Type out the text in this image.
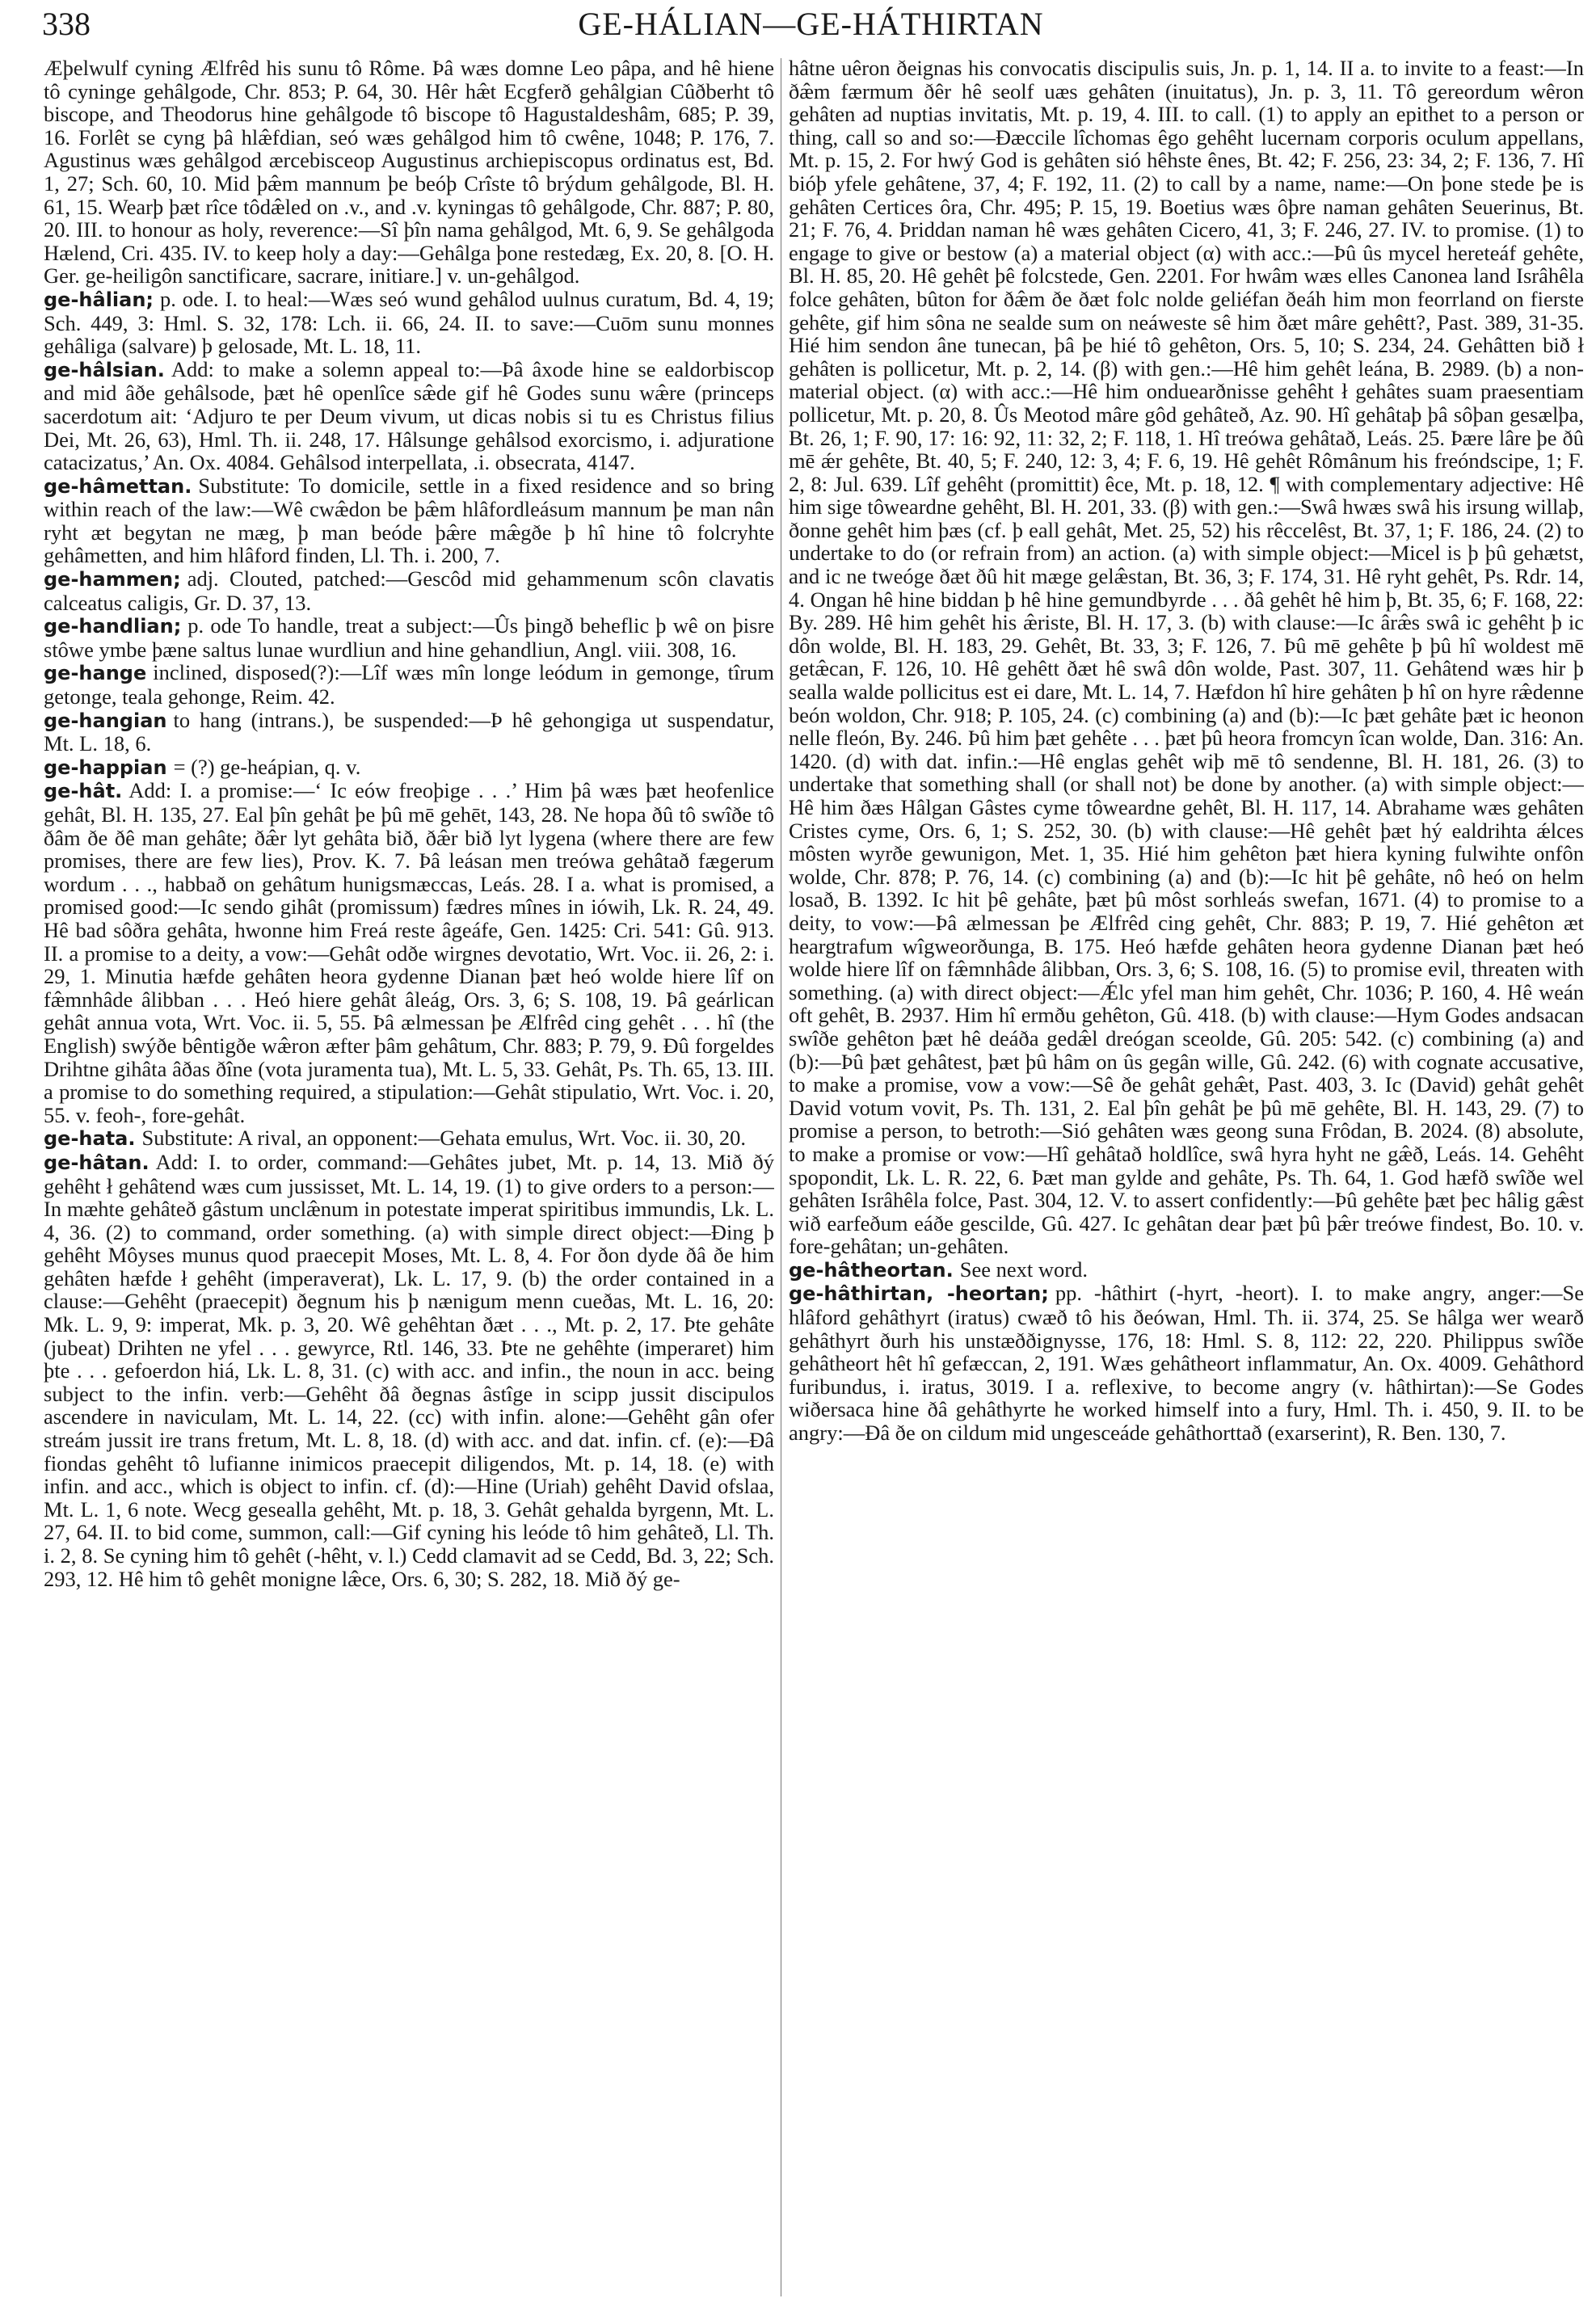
338	GE-HÁLIAN—GE-HÁTHIRTAN

Æþelwulf cyning Ælfrêd his sunu tô Rôme. Þâ wæs domne Leo pâpa, and hê hiene tô cyninge gehâlgode, Chr. 853; P. 64, 30. Hêr hæ̂t Ecgferð gehâlgian Cûðberht tô biscope, and Theodorus hine gehâlgode tô biscope tô Hagustaldeshâm, 685; P. 39, 16. Forlêt se cyng þâ hlæ̂fdian, seó wæs gehâlgod him tô cwêne, 1048; P. 176, 7. Agustinus wæs gehâlgod ærcebisceop Augustinus archiepiscopus ordinatus est, Bd. 1, 27; Sch. 60, 10. Mid þæ̂m mannum þe beóþ Crîste tô brýdum gehâlgode, Bl. H. 61, 15. Wearþ þæt rîce tôdæ̂led on .v., and .v. kyningas tô gehâlgode, Chr. 887; P. 80, 20. III. to honour as holy, reverence:—Sî þîn nama gehâlgod, Mt. 6, 9. Se gehâlgoda Hælend, Cri. 435. IV. to keep holy a day:—Gehâlga þone restedæg, Ex. 20, 8. [O. H. Ger. ge-heiligôn sanctificare, sacrare, initiare.] v. un-gehâlgod.

ge-hâlian; p. ode. I. to heal:—Wæs seó wund gehâlod uulnus curatum, Bd. 4, 19; Sch. 449, 3: Hml. S. 32, 178: Lch. ii. 66, 24. II. to save:—Cuōm sunu monnes gehâliga (salvare) þ gelosade, Mt. L. 18, 11.

ge-hâlsian. Add: to make a solemn appeal to:—Þâ âxode hine se ealdorbiscop and mid âðe gehâlsode, þæt hê openlîce sæ̂de gif hê Godes sunu wæ̂re (princeps sacerdotum ait: ‘Adjuro te per Deum vivum, ut dicas nobis si tu es Christus filius Dei, Mt. 26, 63), Hml. Th. ii. 248, 17. Hâlsunge gehâlsod exorcismo, i. adjuratione catacizatus,’ An. Ox. 4084. Gehâlsod interpellata, .i. obsecrata, 4147.

ge-hâmettan. Substitute: To domicile, settle in a fixed residence and so bring within reach of the law:—Wê cwæ̂don be þæ̂m hlâfordleásum mannum þe man nân ryht æt begytan ne mæg, þ man beóde þæ̂re mæ̂gðe þ hî hine tô folcryhte gehâmetten, and him hlâford finden, Ll. Th. i. 200, 7.

ge-hammen; adj. Clouted, patched:—Gescôd mid gehammenum scôn clavatis calceatus caligis, Gr. D. 37, 13.

ge-handlian; p. ode To handle, treat a subject:—Ûs þingð beheflic þ wê on þisre stôwe ymbe þæne saltus lunae wurdliun and hine gehandliun, Angl. viii. 308, 16.

ge-hange inclined, disposed(?):—Lîf wæs mîn longe leódum in gemonge, tîrum getonge, teala gehonge, Reim. 42.

ge-hangian to hang (intrans.), be suspended:—Þ hê gehongiga ut suspendatur, Mt. L. 18, 6.

ge-happian = (?) ge-heápian, q. v.

ge-hât. Add: I. a promise:—‘ Ic eów freoþige . . .’ Him þâ wæs þæt heofenlice gehât, Bl. H. 135, 27. Eal þîn gehât þe þû mē gehēt, 143, 28. Ne hopa ðû tô swîðe tô ðâm ðe ðê man gehâte; ðæ̂r lyt gehâta bið, ðæ̂r bið lyt lygena (where there are few promises, there are few lies), Prov. K. 7. Þâ leásan men treówa gehâtað fægerum wordum . . ., habbað on gehâtum hunigsmæccas, Leás. 28. I a. what is promised, a promised good:—Ic sendo gihât (promissum) fædres mînes in iówih, Lk. R. 24, 49. Hê bad sôðra gehâta, hwonne him Freá reste âgeáfe, Gen. 1425: Cri. 541: Gû. 913. II. a promise to a deity, a vow:—Gehât odðe wirgnes devotatio, Wrt. Voc. ii. 26, 2: i. 29, 1. Minutia hæfde gehâten heora gydenne Dianan þæt heó wolde hiere lîf on fæ̂mnhâde âlibban . . . Heó hiere gehât âleág, Ors. 3, 6; S. 108, 19. Þâ geárlican gehât annua vota, Wrt. Voc. ii. 5, 55. Þâ ælmessan þe Ælfrêd cing gehêt . . . hî (the English) swýðe bêntigðe wæ̂ron æfter þâm gehâtum, Chr. 883; P. 79, 9. Ðû forgeldes Drihtne gihâta âðas ðîne (vota juramenta tua), Mt. L. 5, 33. Gehât, Ps. Th. 65, 13. III. a promise to do something required, a stipulation:—Gehât stipulatio, Wrt. Voc. i. 20, 55. v. feoh-, fore-gehât.

ge-hata. Substitute: A rival, an opponent:—Gehata emulus, Wrt. Voc. ii. 30, 20.

ge-hâtan. Add: I. to order, command:—Gehâtes jubet, Mt. p. 14, 13. Mið ðý gehêht ł gehâtend wæs cum jussisset, Mt. L. 14, 19. (1) to give orders to a person:—In mæhte gehâteð gâstum unclæ̂num in potestate imperat spiritibus immundis, Lk. L. 4, 36. (2) to command, order something. (a) with simple direct object:—Ðing þ gehêht Môyses munus quod praecepit Moses, Mt. L. 8, 4. For ðon dyde ðâ ðe him gehâten hæfde ł gehêht (imperaverat), Lk. L. 17, 9. (b) the order contained in a clause:—Gehêht (praecepit) ðegnum his þ nænigum menn cueðas, Mt. L. 16, 20: Mk. L. 9, 9: imperat, Mk. p. 3, 20. Wê gehêhtan ðæt . . ., Mt. p. 2, 17. Þte gehâte (jubeat) Drihten ne yfel . . . gewyrce, Rtl. 146, 33. Þte ne gehêhte (imperaret) him þte . . . gefoerdon hiá, Lk. L. 8, 31. (c) with acc. and infin., the noun in acc. being subject to the infin. verb:—Gehêht ðâ ðegnas âstîge in scipp jussit discipulos ascendere in naviculam, Mt. L. 14, 22. (cc) with infin. alone:—Gehêht gân ofer streám jussit ire trans fretum, Mt. L. 8, 18. (d) with acc. and dat. infin. cf. (e):—Ðâ fiondas gehêht tô lufianne inimicos praecepit diligendos, Mt. p. 14, 18. (e) with infin. and acc., which is object to infin. cf. (d):—Hine (Uriah) gehêht David ofslaa, Mt. L. 1, 6 note. Wecg gesealla gehêht, Mt. p. 18, 3. Gehât gehalda byrgenn, Mt. L. 27, 64. II. to bid come, summon, call:—Gif cyning his leóde tô him gehâteð, Ll. Th. i. 2, 8. Se cyning him tô gehêt (-hêht, v. l.) Cedd clamavit ad se Cedd, Bd. 3, 22; Sch. 293, 12. Hê him tô gehêt monigne læ̂ce, Ors. 6, 30; S. 282, 18. Mið ðý ge-

hâtne uêron ðeignas his convocatis discipulis suis, Jn. p. 1, 14. II a. to invite to a feast:—In ðæ̂m færmum ðêr hê seolf uæs gehâten (inuitatus), Jn. p. 3, 11. Tô gereordum wêron gehâten ad nuptias invitatis, Mt. p. 19, 4. III. to call. (1) to apply an epithet to a person or thing, call so and so:—Ðæccile lîchomas êgo gehêht lucernam corporis oculum appellans, Mt. p. 15, 2. For hwý God is gehâten sió hêhste ênes, Bt. 42; F. 256, 23: 34, 2; F. 136, 7. Hî bióþ yfele gehâtene, 37, 4; F. 192, 11. (2) to call by a name, name:—On þone stede þe is gehâten Certices ôra, Chr. 495; P. 15, 19. Boetius wæs ôþre naman gehâten Seuerinus, Bt. 21; F. 76, 4. Þriddan naman hê wæs gehâten Cicero, 41, 3; F. 246, 27. IV. to promise. (1) to engage to give or bestow (a) a material object (α) with acc.:—Þû ûs mycel hereteáf gehête, Bl. H. 85, 20. Hê gehêt þê folcstede, Gen. 2201. For hwâm wæs elles Canonea land Isrâhêla folce gehâten, bûton for ðæ̂m ðe ðæt folc nolde geliéfan ðeáh him mon feorrland on fierste gehête, gif him sôna ne sealde sum on neáweste sê him ðæt mâre gehêtt?, Past. 389, 31-35. Hié him sendon âne tunecan, þâ þe hié tô gehêton, Ors. 5, 10; S. 234, 24. Gehâtten bið ł gehâten is pollicetur, Mt. p. 2, 14. (β) with gen.:—Hê him gehêt leána, B. 2989. (b) a non-material object. (α) with acc.:—Hê him onduearðnisse gehêht ł gehâtes suam praesentiam pollicetur, Mt. p. 20, 8. Ûs Meotod mâre gôd gehâteð, Az. 90. Hî gehâtaþ þâ sôþan gesælþa, Bt. 26, 1; F. 90, 17: 16: 92, 11: 32, 2; F. 118, 1. Hî treówa gehâtað, Leás. 25. Þære lâre þe ðû mē ǽr gehête, Bt. 40, 5; F. 240, 12: 3, 4; F. 6, 19. Hê gehêt Rômânum his freóndscipe, 1; F. 2, 8: Jul. 639. Lîf gehêht (promittit) êce, Mt. p. 18, 12. ¶ with complementary adjective: Hê him sige tôweardne gehêht, Bl. H. 201, 33. (β) with gen.:—Swâ hwæs swâ his irsung willaþ, ðonne gehêt him þæs (cf. þ eall gehât, Met. 25, 52) his rêccelêst, Bt. 37, 1; F. 186, 24. (2) to undertake to do (or refrain from) an action. (a) with simple object:—Micel is þ þû gehætst, and ic ne tweóge ðæt ðû hit mæge gelæ̂stan, Bt. 36, 3; F. 174, 31. Hê ryht gehêt, Ps. Rdr. 14, 4. Ongan hê hine biddan þ hê hine gemundbyrde . . . ðâ gehêt hê him þ, Bt. 35, 6; F. 168, 22: By. 289. Hê him gehêt his æ̂riste, Bl. H. 17, 3. (b) with clause:—Ic âræ̂s swâ ic gehêht þ ic dôn wolde, Bl. H. 183, 29. Gehêt, Bt. 33, 3; F. 126, 7. Þû mē gehête þ þû hî woldest mē getæ̂can, F. 126, 10. Hê gehêtt ðæt hê swâ dôn wolde, Past. 307, 11. Gehâtend wæs hir þ sealla walde pollicitus est ei dare, Mt. L. 14, 7. Hæfdon hî hire gehâten þ hî on hyre ræ̂denne beón woldon, Chr. 918; P. 105, 24. (c) combining (a) and (b):—Ic þæt gehâte þæt ic heonon nelle fleón, By. 246. Þû him þæt gehête . . . þæt þû heora fromcyn îcan wolde, Dan. 316: An. 1420. (d) with dat. infin.:—Hê englas gehêt wiþ mē tô sendenne, Bl. H. 181, 26. (3) to undertake that something shall (or shall not) be done by another. (a) with simple object:—Hê him ðæs Hâlgan Gâstes cyme tôweardne gehêt, Bl. H. 117, 14. Abrahame wæs gehâten Cristes cyme, Ors. 6, 1; S. 252, 30. (b) with clause:—Hê gehêt þæt hý ealdrihta ǽlces môsten wyrðe gewunigon, Met. 1, 35. Hié him gehêton þæt hiera kyning fulwihte onfôn wolde, Chr. 878; P. 76, 14. (c) combining (a) and (b):—Ic hit þê gehâte, nô heó on helm losað, B. 1392. Ic hit þê gehâte, þæt þû môst sorhleás swefan, 1671. (4) to promise to a deity, to vow:—Þâ ælmessan þe Ælfrêd cing gehêt, Chr. 883; P. 19, 7. Hié gehêton æt heargtrafum wîgweorðunga, B. 175. Heó hæfde gehâten heora gydenne Dianan þæt heó wolde hiere lîf on fæ̂mnhâde âlibban, Ors. 3, 6; S. 108, 16. (5) to promise evil, threaten with something. (a) with direct object:—Ǽlc yfel man him gehêt, Chr. 1036; P. 160, 4. Hê weán oft gehêt, B. 2937. Him hî ermðu gehêton, Gû. 418. (b) with clause:—Hym Godes andsacan swîðe gehêton þæt hê deáða gedæ̂l dreógan sceolde, Gû. 205: 542. (c) combining (a) and (b):—Þû þæt gehâtest, þæt þû hâm on ûs gegân wille, Gû. 242. (6) with cognate accusative, to make a promise, vow a vow:—Sê ðe gehât gehæ̂t, Past. 403, 3. Ic (David) gehât gehêt David votum vovit, Ps. Th. 131, 2. Eal þîn gehât þe þû mē gehête, Bl. H. 143, 29. (7) to promise a person, to betroth:—Sió gehâten wæs geong suna Frôdan, B. 2024. (8) absolute, to make a promise or vow:—Hî gehâtað holdlîce, swâ hyra hyht ne gæ̂ð, Leás. 14. Gehêht spopondit, Lk. L. R. 22, 6. Þæt man gylde and gehâte, Ps. Th. 64, 1. God hæfð swîðe wel gehâten Isrâhêla folce, Past. 304, 12. V. to assert confidently:—Þû gehête þæt þec hâlig gæ̂st wið earfeðum eáðe gescilde, Gû. 427. Ic gehâtan dear þæt þû þæ̂r treówe findest, Bo. 10. v. fore-gehâtan; un-gehâten.

ge-hâtheortan. See next word.

ge-hâthirtan, -heortan; pp. -hâthirt (-hyrt, -heort). I. to make angry, anger:—Se hlâford gehâthyrt (iratus) cwæð tô his ðeówan, Hml. Th. ii. 374, 25. Se hâlga wer wearð gehâthyrt ðurh his unstæððignysse, 176, 18: Hml. S. 8, 112: 22, 220. Philippus swîðe gehâtheort hêt hî gefæccan, 2, 191. Wæs gehâtheort inflammatur, An. Ox. 4009. Gehâthord furibundus, i. iratus, 3019. I a. reflexive, to become angry (v. hâthirtan):—Se Godes wiðersaca hine ðâ gehâthyrte he worked himself into a fury, Hml. Th. i. 450, 9. II. to be angry:—Ðâ ðe on cildum mid ungesceáde gehâthorttað (exarserint), R. Ben. 130, 7.
